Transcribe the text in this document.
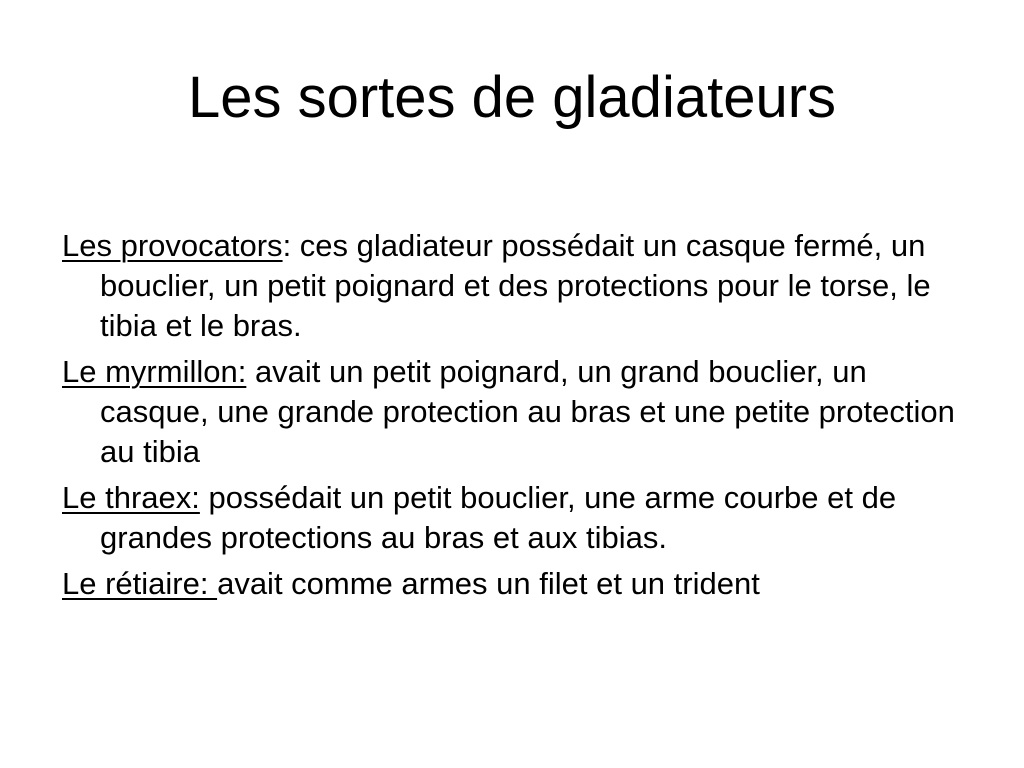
Les sortes de gladiateurs
Les provocators: ces gladiateur possédait un casque fermé, un bouclier, un petit poignard et des protections pour le torse, le tibia et le bras.
Le myrmillon: avait un petit poignard, un grand bouclier, un casque, une grande protection au bras et une petite protection au tibia
Le thraex: possédait un petit bouclier, une arme courbe et de grandes protections au bras et aux tibias.
Le rétiaire: avait comme armes un filet et un trident
